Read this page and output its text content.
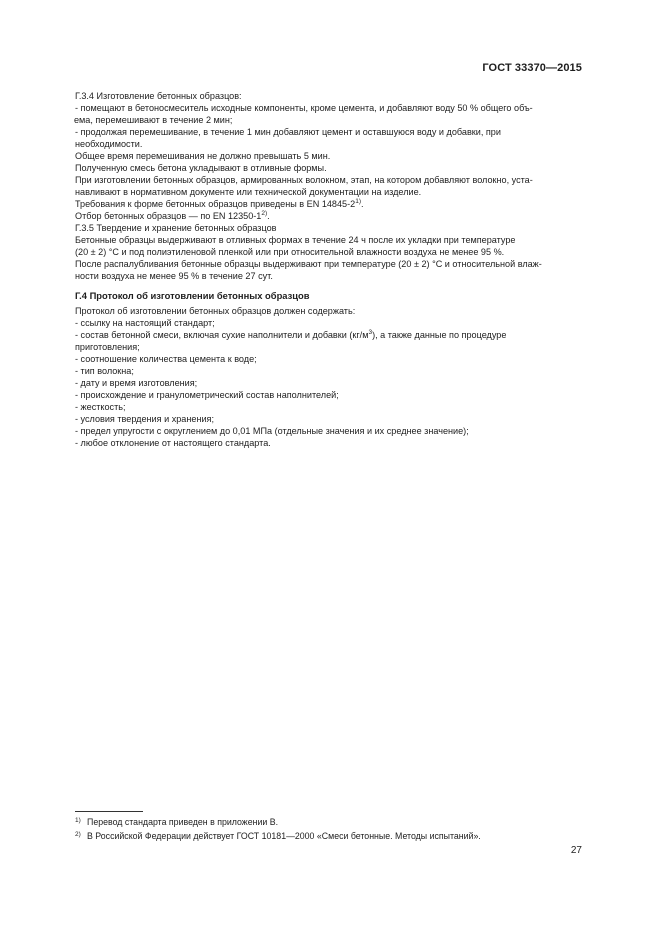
ГОСТ 33370—2015

Г.3.4 Изготовление бетонных образцов:

- помещают в бетоносмеситель исходные компоненты, кроме цемента, и добавляют воду 50 % общего объ-
ема, перемешивают в течение 2 мин;

- продолжая перемешивание, в течение 1 мин добавляют цемент и оставшуюся воду и добавки, при
необходимости.

Общее время перемешивания не должно превышать 5 мин.

Полученную смесь бетона укладывают в отливные формы.

При изготовлении бетонных образцов, армированных волокном, этап, на котором добавляют волокно, уста-
навливают в нормативном документе или технической документации на изделие.

Требования к форме бетонных образцов приведены в EN 14845-2$^{1)}$.

Отбор бетонных образцов — по EN 12350-1$^{2)}$.

Г.3.5 Твердение и хранение бетонных образцов

Бетонные образцы выдерживают в отливных формах в течение 24 ч после их укладки при температуре
(20 ± 2) °С и под полиэтиленовой пленкой или при относительной влажности воздуха не менее 95 %.

После распалубливания бетонные образцы выдерживают при температуре (20 ± 2) °С и относительной влаж-
ности воздуха не менее 95 % в течение 27 сут.

Г.4 Протокол об изготовлении бетонных образцов

Протокол об изготовлении бетонных образцов должен содержать:

- ссылку на настоящий стандарт;

- состав бетонной смеси, включая сухие наполнители и добавки $(кг/м^3)$, а также данные по процедуре
приготовления;

- соотношение количества цемента к воде;

- тип волокна;

- дату и время изготовления;

- происхождение и гранулометрический состав наполнителей;

- жесткость;

- условия твердения и хранения;

- предел упругости с округлением до 0,01 МПа (отдельные значения и их среднее значение);

- любое отклонение от настоящего стандарта.

1) Перевод стандарта приведен в приложении В.
2) В Российской Федерации действует ГОСТ 10181—2000 «Смеси бетонные. Методы испытаний».
27
